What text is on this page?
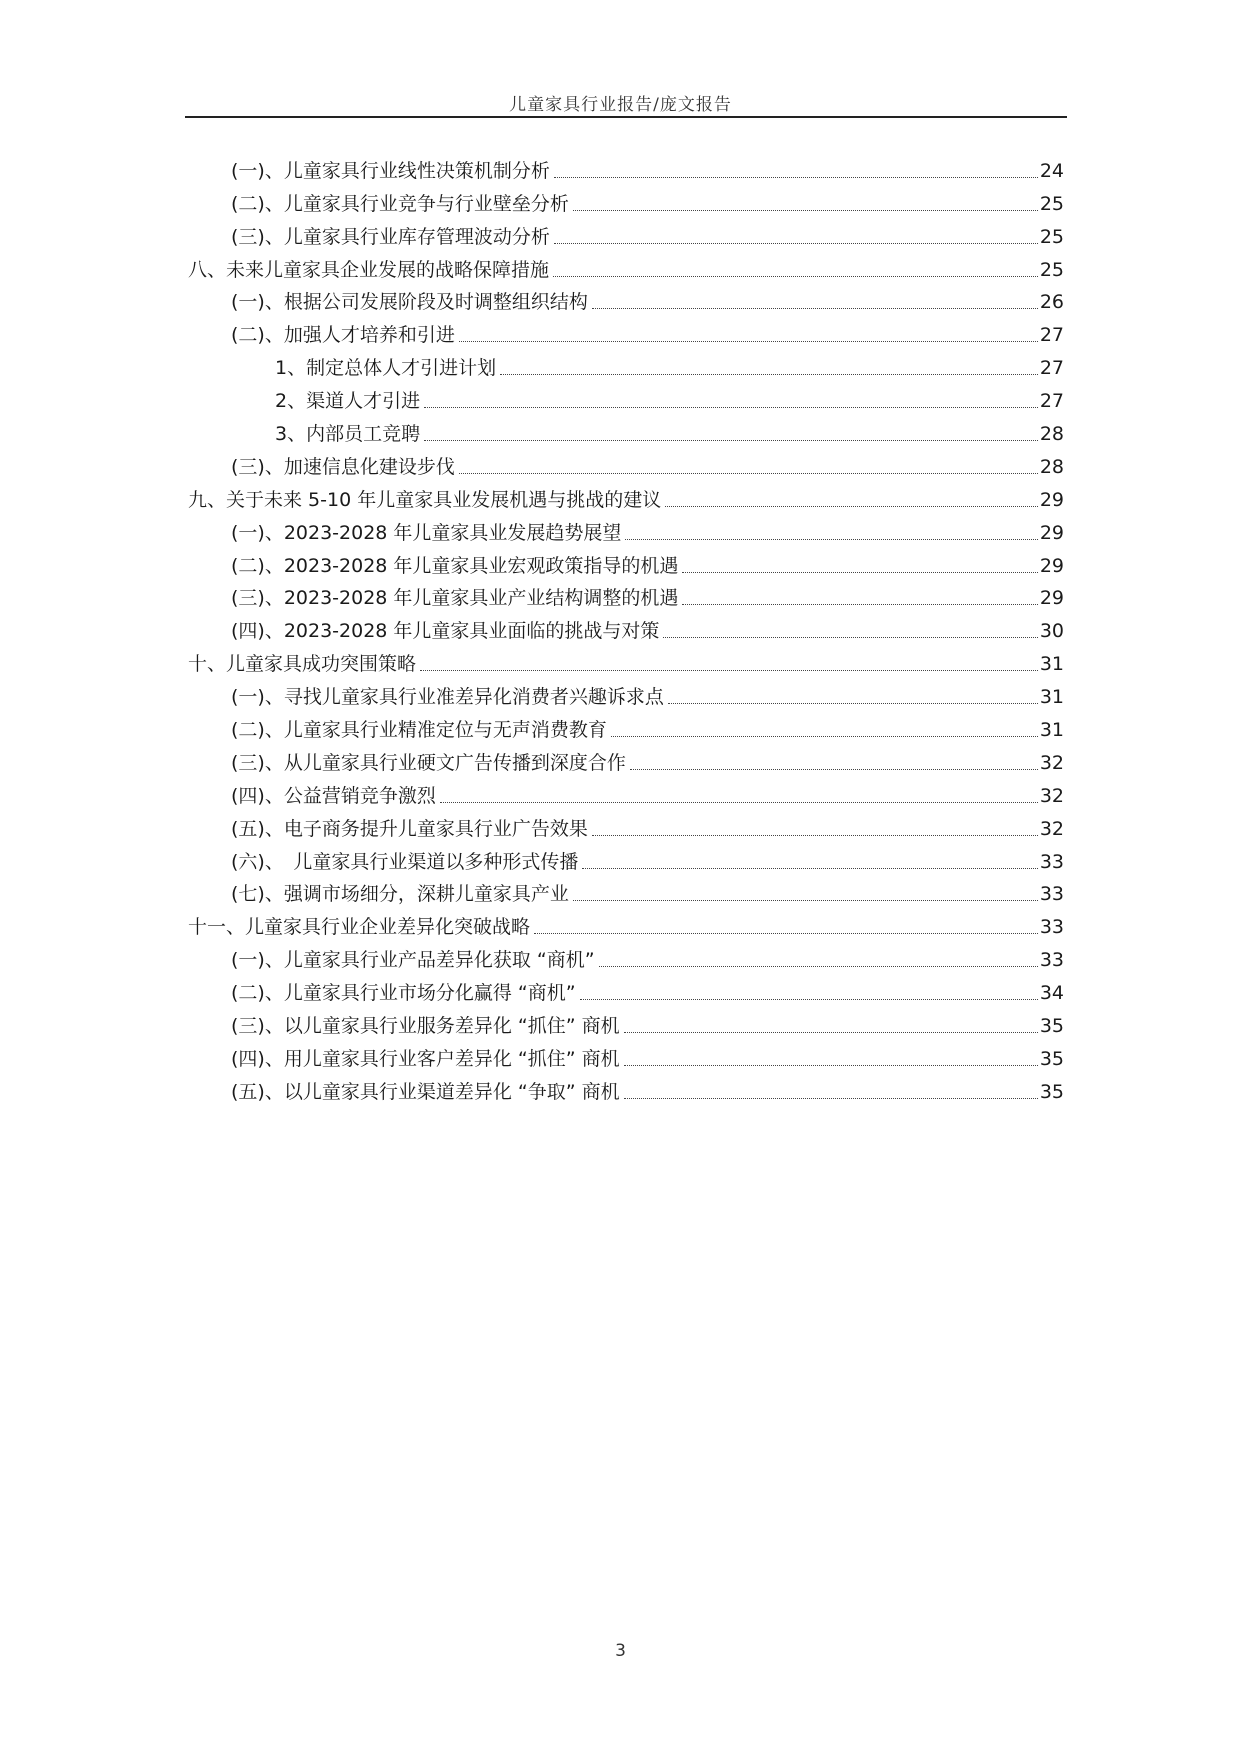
儿童家具行业报告/庞文报告
(一)、儿童家具行业线性决策机制分析	24
(二)、儿童家具行业竞争与行业壁垒分析	25
(三)、儿童家具行业库存管理波动分析	25
八、未来儿童家具企业发展的战略保障措施	25
(一)、根据公司发展阶段及时调整组织结构	26
(二)、加强人才培养和引进	27
1、制定总体人才引进计划	27
2、渠道人才引进	27
3、内部员工竞聘	28
(三)、加速信息化建设步伐	28
九、关于未来 5-10 年儿童家具业发展机遇与挑战的建议	29
(一)、2023-2028 年儿童家具业发展趋势展望	29
(二)、2023-2028 年儿童家具业宏观政策指导的机遇	29
(三)、2023-2028 年儿童家具业产业结构调整的机遇	29
(四)、2023-2028 年儿童家具业面临的挑战与对策	30
十、儿童家具成功突围策略	31
(一)、寻找儿童家具行业准差异化消费者兴趣诉求点	31
(二)、儿童家具行业精准定位与无声消费教育	31
(三)、从儿童家具行业硬文广告传播到深度合作	32
(四)、公益营销竞争激烈	32
(五)、电子商务提升儿童家具行业广告效果	32
(六)、　儿童家具行业渠道以多种形式传播	33
(七)、强调市场细分，深耕儿童家具产业	33
十一、儿童家具行业企业差异化突破战略	33
(一)、儿童家具行业产品差异化获取 “商机”	33
(二)、儿童家具行业市场分化赢得 “商机”	34
(三)、以儿童家具行业服务差异化 “抓住” 商机	35
(四)、用儿童家具行业客户差异化 “抓住” 商机	35
(五)、以儿童家具行业渠道差异化 “争取” 商机	35
3
